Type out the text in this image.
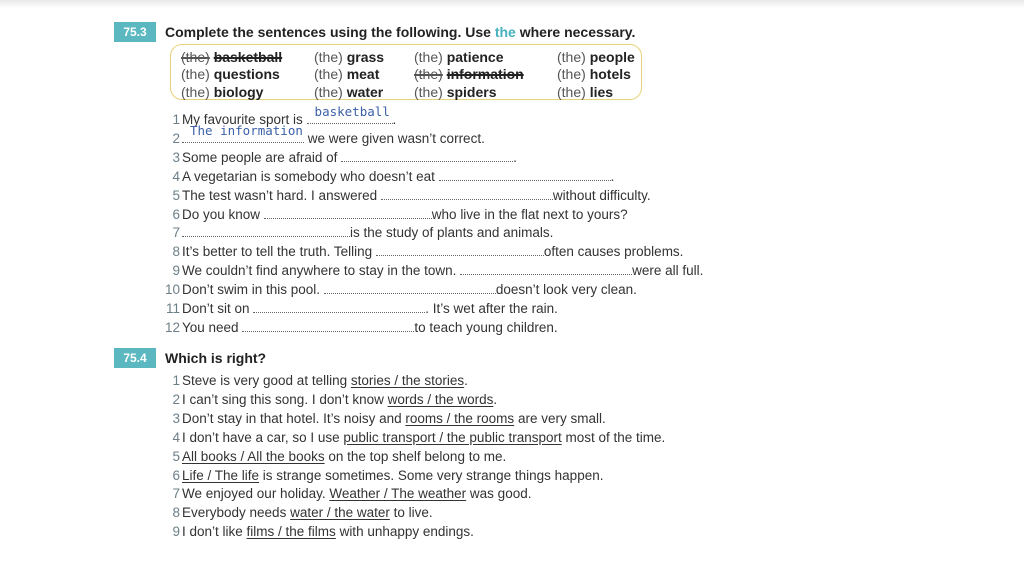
75.3	Complete the sentences using the following. Use the where necessary.
(the) basketball (the) grass (the) patience	(the) people
(the) questions (the) meat (the) information (the) hotels
(the) biology	(the) water (the) spiders	(the) lies
1 My favourite sport is
basketball
.
2
The information
we were given wasn’t correct.
3 Some people are afraid of	.
4 A vegetarian is somebody who doesn’t eat	.
5 The test wasn’t hard. I answered	without difficulty.
6 Do you know	who live in the flat next to yours?
7	is the study of plants and animals.
8 It’s better to tell the truth. Telling	often causes problems.
9 We couldn’t find anywhere to stay in the town.	were all full.
10 Don’t swim in this pool.	doesn’t look very clean.
11 Don’t sit on	. It’s wet after the rain.
12 You need	to teach young children.
75.4	Which is right?
1 Steve is very good at telling stories / the stories.
2 I can’t sing this song. I don’t know words / the words.
3 Don’t stay in that hotel. It’s noisy and rooms / the rooms are very small.
4 I don’t have a car, so I use public transport / the public transport most of the time.
5 All books / All the books on the top shelf belong to me.
6 Life / The life is strange sometimes. Some very strange things happen.
7 We enjoyed our holiday. Weather / The weather was good.
8 Everybody needs water / the water to live.
9 I don’t like films / the films with unhappy endings.
